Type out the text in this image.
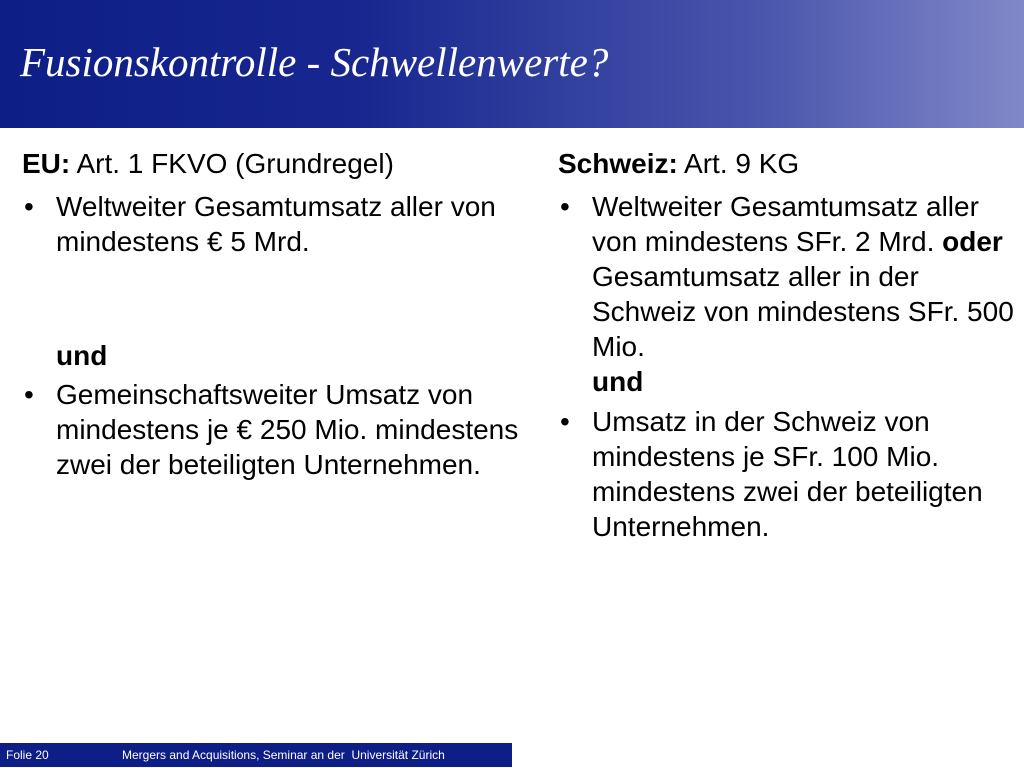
Fusionskontrolle - Schwellenwerte?

EU: Art. 1 FKVO (Grundregel)

• Weltweiter Gesamtumsatz aller von mindestens € 5 Mrd.

und

• Gemeinschaftsweiter Umsatz von mindestens je € 250 Mio. mindestens zwei der beteiligten Unternehmen.

Schweiz: Art. 9 KG

• Weltweiter Gesamtumsatz aller von mindestens SFr. 2 Mrd. oder Gesamtumsatz aller in der Schweiz von mindestens SFr. 500 Mio.
und
• Umsatz in der Schweiz von mindestens je SFr. 100 Mio. mindestens zwei der beteiligten Unternehmen.
Folie 20	Mergers and Acquisitions, Seminar an der  Universität Zürich
